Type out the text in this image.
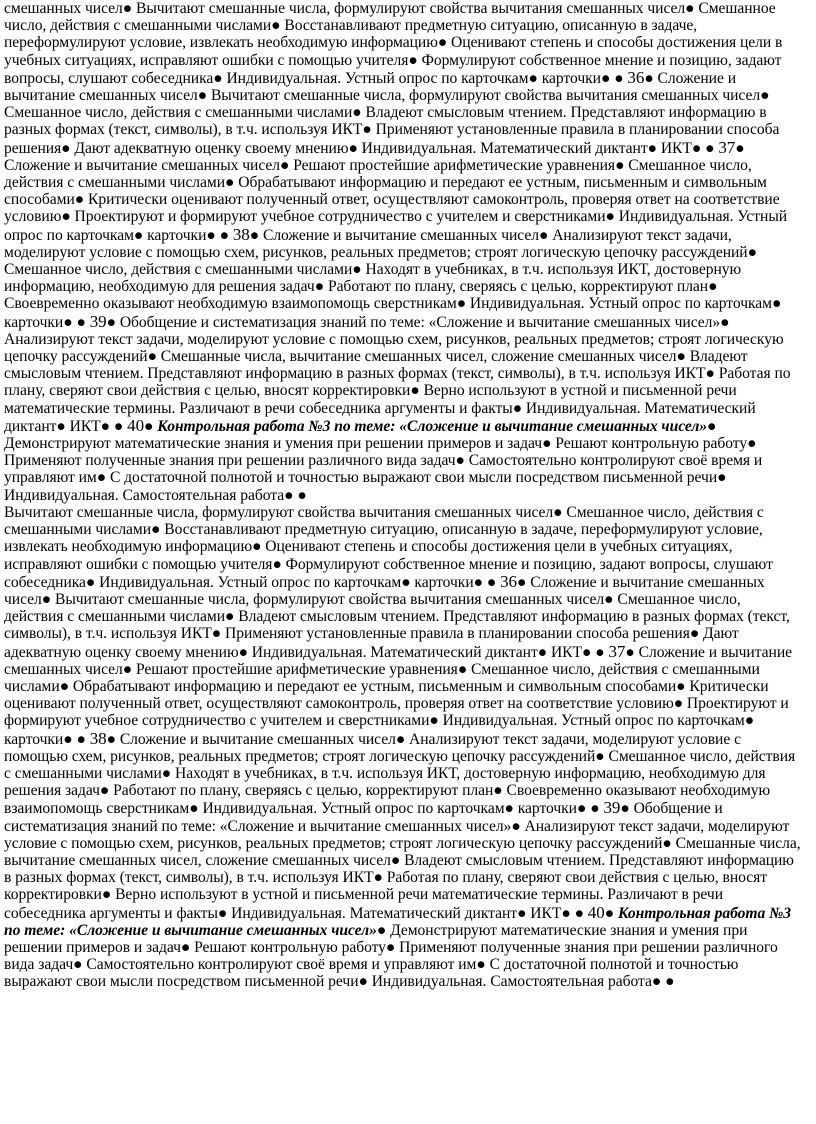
смешанных чисел● Вычитают смешанные числа, формулируют свойства вычитания смешанных чисел● Смешанное число, действия с смешанными числами● Восстанавливают предметную ситуацию, описанную в задаче, переформулируют условие, извлекать необходимую информацию● Оценивают степень и способы достижения цели в учебных ситуациях, исправляют ошибки с помощью учителя● Формулируют собственное мнение и позицию, задают вопросы, слушают собеседника● Индивидуальная. Устный опрос по карточкам● карточки● ● 36● Сложение и вычитание смешанных чисел● Вычитают смешанные числа, формулируют свойства вычитания смешанных чисел● Смешанное число, действия с смешанными числами● Владеют смысловым чтением. Представляют информацию в разных формах (текст, символы), в т.ч. используя ИКТ● Применяют установленные правила в планировании способа решения● Дают адекватную оценку своему мнению● Индивидуальная. Математический диктант● ИКТ● ● 37● Сложение и вычитание смешанных чисел● Решают простейшие арифметические уравнения● Смешанное число, действия с смешанными числами● Обрабатывают информацию и передают ее устным, письменным и символьным способами● Критически оценивают полученный ответ, осуществляют самоконтроль, проверяя ответ на соответствие условию● Проектируют и формируют учебное сотрудничество с учителем и сверстниками● Индивидуальная. Устный опрос по карточкам● карточки● ● 38● Сложение и вычитание смешанных чисел● Анализируют текст задачи, моделируют условие с помощью схем, рисунков, реальных предметов; строят логическую цепочку рассуждений● Смешанное число, действия с смешанными числами● Находят в учебниках, в т.ч. используя ИКТ, достоверную информацию, необходимую для решения задач● Работают по плану, сверяясь с целью, корректируют план● Своевременно оказывают необходимую взаимопомощь сверстникам● Индивидуальная. Устный опрос по карточкам● карточки● ● 39● Обобщение и систематизация знаний по теме: «Сложение и вычитание смешанных чисел»● Анализируют текст задачи, моделируют условие с помощью схем, рисунков, реальных предметов; строят логическую цепочку рассуждений● Смешанные числа, вычитание смешанных чисел, сложение смешанных чисел● Владеют смысловым чтением. Представляют информацию в разных формах (текст, символы), в т.ч. используя ИКТ● Работая по плану, сверяют свои действия с целью, вносят корректировки● Верно используют в устной и письменной речи математические термины. Различают в речи собеседника аргументы и факты● Индивидуальная. Математический диктант● ИКТ● ● 40● Контрольная работа №3 по теме: «Сложение и вычитание смешанных чисел»● Демонстрируют математические знания и умения при решении примеров и задач● Решают контрольную работу● Применяют полученные знания при решении различного вида задач● Самостоятельно контролируют своё время и управляют им● С достаточной полнотой и точностью выражают свои мысли посредством письменной речи● Индивидуальная. Самостоятельная работа● ●

Вычитают смешанные числа, формулируют свойства вычитания смешанных чисел● Смешанное число, действия с смешанными числами● Восстанавливают предметную ситуацию, описанную в задаче, переформулируют условие, извлекать необходимую информацию● Оценивают степень и способы достижения цели в учебных ситуациях, исправляют ошибки с помощью учителя● Формулируют собственное мнение и позицию, задают вопросы, слушают собеседника● Индивидуальная. Устный опрос по карточкам● карточки● ● 36● Сложение и вычитание смешанных чисел● Вычитают смешанные числа, формулируют свойства вычитания смешанных чисел● Смешанное число, действия с смешанными числами● Владеют смысловым чтением. Представляют информацию в разных формах (текст, символы), в т.ч. используя ИКТ● Применяют установленные правила в планировании способа решения● Дают адекватную оценку своему мнению● Индивидуальная. Математический диктант● ИКТ● ● 37● Сложение и вычитание смешанных чисел● Решают простейшие арифметические уравнения● Смешанное число, действия с смешанными числами● Обрабатывают информацию и передают ее устным, письменным и символьным способами● Критически оценивают полученный ответ, осуществляют самоконтроль, проверяя ответ на соответствие условию● Проектируют и формируют учебное сотрудничество с учителем и сверстниками● Индивидуальная. Устный опрос по карточкам● карточки● ● 38● Сложение и вычитание смешанных чисел● Анализируют текст задачи, моделируют условие с помощью схем, рисунков, реальных предметов; строят логическую цепочку рассуждений● Смешанное число, действия с смешанными числами● Находят в учебниках, в т.ч. используя ИКТ, достоверную информацию, необходимую для решения задач● Работают по плану, сверяясь с целью, корректируют план● Своевременно оказывают необходимую взаимопомощь сверстникам● Индивидуальная. Устный опрос по карточкам● карточки● ● 39● Обобщение и систематизация знаний по теме: «Сложение и вычитание смешанных чисел»● Анализируют текст задачи, моделируют условие с помощью схем, рисунков, реальных предметов; строят логическую цепочку рассуждений● Смешанные числа, вычитание смешанных чисел, сложение смешанных чисел● Владеют смысловым чтением. Представляют информацию в разных формах (текст, символы), в т.ч. используя ИКТ● Работая по плану, сверяют свои действия с целью, вносят корректировки● Верно используют в устной и письменной речи математические термины. Различают в речи собеседника аргументы и факты● Индивидуальная. Математический диктант● ИКТ● ● 40● Контрольная работа №3 по теме: «Сложение и вычитание смешанных чисел»● Демонстрируют математические знания и умения при решении примеров и задач● Решают контрольную работу● Применяют полученные знания при решении различного вида задач● Самостоятельно контролируют своё время и управляют им● С достаточной полнотой и точностью выражают свои мысли посредством письменной речи● Индивидуальная. Самостоятельная работа● ●
